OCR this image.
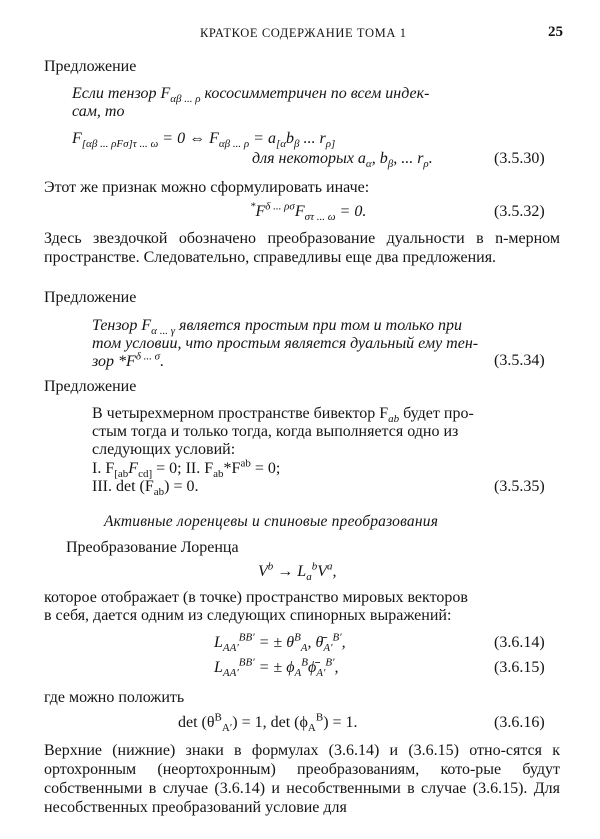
КРАТКОЕ СОДЕРЖАНИЕ ТОМА 1	25
Предложение
Если тензор $F_{\alpha\beta ... \rho}$ кососимметричен по всем индек-
сам, то
$F_{[\alpha\beta ... \rho F\sigma]\tau ... \omega} = 0$ ⇔ $F_{\alpha\beta ... \rho} = a_{[\alpha}b_\beta$ ... $r_{\rho]}$
для некоторых $a_\alpha$, $b_\beta$, ... $r_\rho$.	(3.5.30)
Этот же признак можно сформулировать иначе:
$^*F^{\delta ... \rho\sigma}F_{\sigma\tau ... \omega} = 0$.	(3.5.32)
Здесь звездочкой обозначено преобразование дуальности в n-мерном пространстве. Следовательно, справедливы еще два предложения.
Предложение
Тензор $F_{\alpha ... \gamma}$ является простым при том и только при
том условии, что простым является дуальный ему тен-
зор $*F^{\delta ... \sigma}$.	(3.5.34)
Предложение
В четырехмерном пространстве бивектор $F_{ab}$ будет про-
стым тогда и только тогда, когда выполняется одно из
следующих условий:
I. $F_{[ab}F_{cd]} = 0$; II. $F_{ab}*F^{ab} = 0$;
III. $\det (F_{ab}) = 0$.	(3.5.35)
Активные лоренцевы и спиновые преобразования
Преобразование Лоренца
$V^b \to L_a^bV^a$,
которое отображает (в точке) пространство мировых векторов
в себя, дается одним из следующих спинорных выражений:
$L_{AA'}^{BB'}$ = ± $\theta^B_A$, $\thetā_{A'}^{B'}$,	(3.6.14)
$L_{AA'}^{BB'}$ = ± $\phi_A^B\phī_{A'}^{B'}$,	(3.6.15)
где можно положить
$\det (\theta^B_{A'}) = 1$, $\det (\phi_A^B) = 1$.	(3.6.16)
Верхние (нижние) знаки в формулах (3.6.14) и (3.6.15) отно-сятся к ортохронным (неортохронным) преобразованиям, кото-рые будут собственными в случае (3.6.14) и несобственными в случае (3.6.15). Для несобственных преобразований условие для
